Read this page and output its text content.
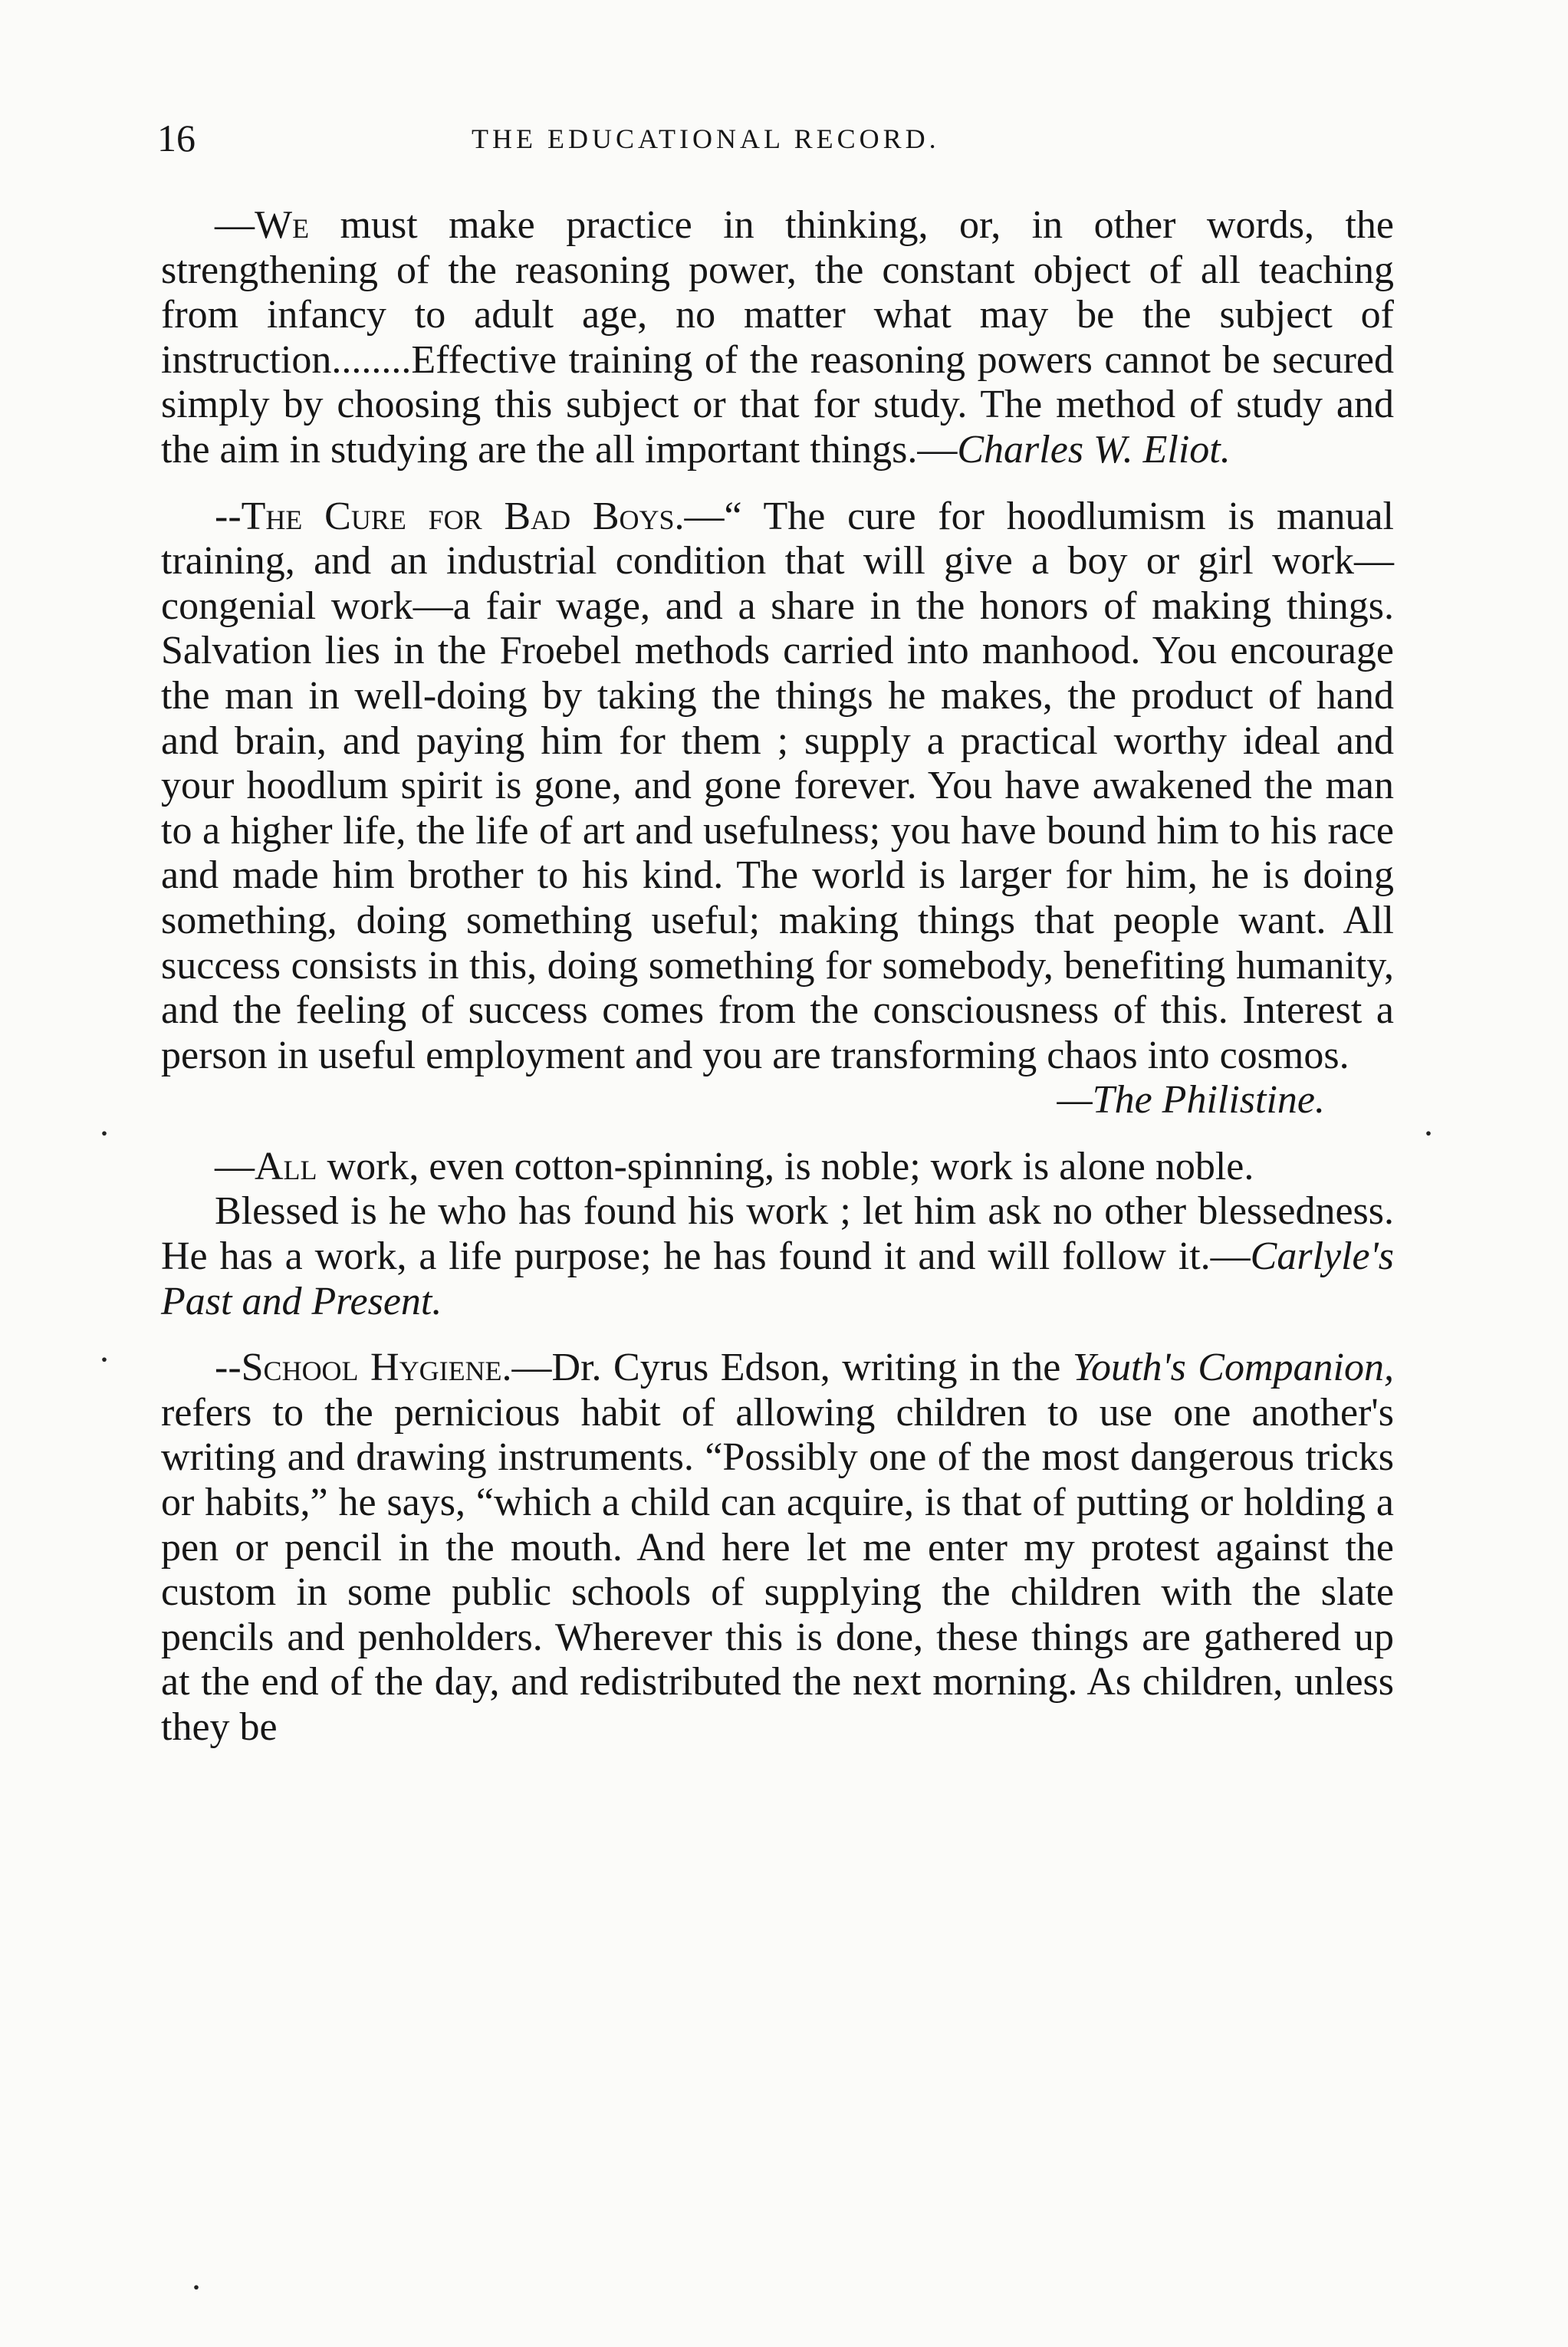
16	THE EDUCATIONAL RECORD.

—We must make practice in thinking, or, in other words, the strengthening of the reasoning power, the constant object of all teaching from infancy to adult age, no matter what may be the subject of instruction........Effective training of the reasoning powers cannot be secured simply by choosing this subject or that for study. The method of study and the aim in studying are the all important things.—Charles W. Eliot.

--The Cure for Bad Boys.—“ The cure for hoodlumism is manual training, and an industrial condition that will give a boy or girl work—congenial work—a fair wage, and a share in the honors of making things. Salvation lies in the Froebel methods carried into manhood. You encourage the man in well-doing by taking the things he makes, the product of hand and brain, and paying him for them ; supply a practical worthy ideal and your hoodlum spirit is gone, and gone forever. You have awakened the man to a higher life, the life of art and usefulness; you have bound him to his race and made him brother to his kind. The world is larger for him, he is doing something, doing something useful; making things that people want. All success consists in this, doing something for somebody, benefiting humanity, and the feeling of success comes from the consciousness of this. Interest a person in useful employment and you are transforming chaos into cosmos.

—The Philistine.

—All work, even cotton-spinning, is noble; work is alone noble.

Blessed is he who has found his work ; let him ask no other blessedness. He has a work, a life purpose; he has found it and will follow it.—Carlyle's Past and Present.

--School Hygiene.—Dr. Cyrus Edson, writing in the Youth's Companion, refers to the pernicious habit of allowing children to use one another's writing and drawing instruments. “Possibly one of the most dangerous tricks or habits,” he says, “which a child can acquire, is that of putting or holding a pen or pencil in the mouth. And here let me enter my protest against the custom in some public schools of supplying the children with the slate pencils and penholders. Wherever this is done, these things are gathered up at the end of the day, and redistributed the next morning. As children, unless they be

·	·
·
·
